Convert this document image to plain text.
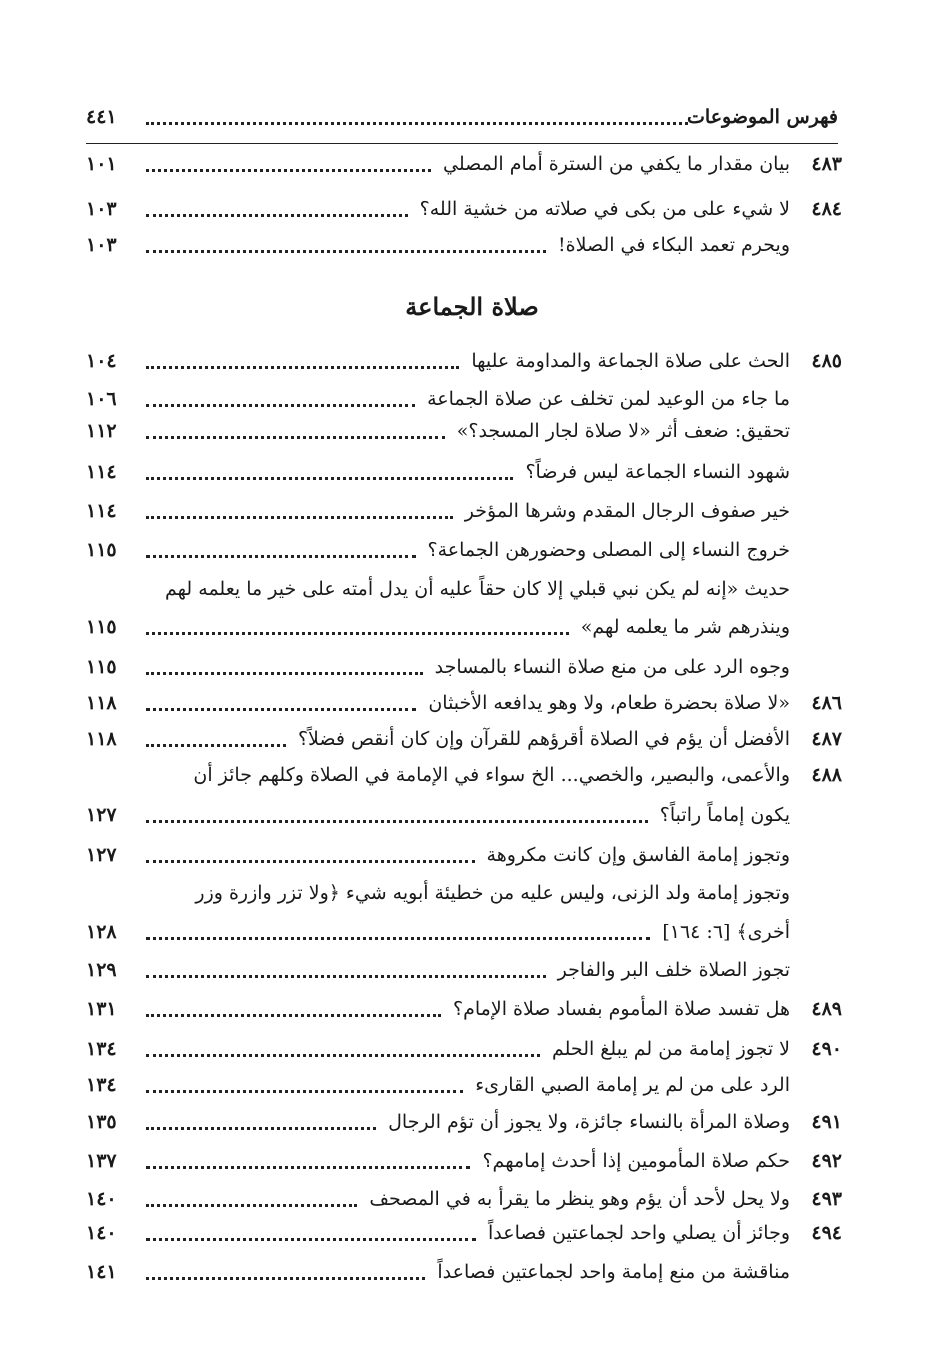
فهرس الموضوعات
٤٤١
صلاة الجماعة
٤٨٣
بيان مقدار ما يكفي من السترة أمام المصلي
١٠١
٤٨٤
لا شيء على من بكى في صلاته من خشية الله؟
١٠٣
ويحرم تعمد البكاء في الصلاة!
١٠٣
٤٨٥
الحث على صلاة الجماعة والمداومة عليها
١٠٤
ما جاء من الوعيد لمن تخلف عن صلاة الجماعة
١٠٦
تحقيق: ضعف أثر «لا صلاة لجار المسجد؟»
١١٢
شهود النساء الجماعة ليس فرضاً؟
١١٤
خير صفوف الرجال المقدم وشرها المؤخر
١١٤
خروج النساء إلى المصلى وحضورهن الجماعة؟
١١٥
حديث «إنه لم يكن نبي قبلي إلا كان حقاً عليه أن يدل أمته على خير ما يعلمه لهم
وينذرهم شر ما يعلمه لهم»
١١٥
وجوه الرد على من منع صلاة النساء بالمساجد
١١٥
٤٨٦
«لا صلاة بحضرة طعام، ولا وهو يدافعه الأخبثان
١١٨
٤٨٧
الأفضل أن يؤم في الصلاة أقرؤهم للقرآن وإن كان أنقص فضلاً؟
١١٨
٤٨٨
والأعمى، والبصير، والخصي... الخ سواء في الإمامة في الصلاة وكلهم جائز أن
يكون إماماً راتباً؟
١٢٧
وتجوز إمامة الفاسق وإن كانت مكروهة
١٢٧
وتجوز إمامة ولد الزنى، وليس عليه من خطيئة أبويه شيء ﴿ولا تزر وازرة وزر
أخرى﴾ [٦: ١٦٤]
١٢٨
تجوز الصلاة خلف البر والفاجر
١٢٩
٤٨٩
هل تفسد صلاة المأموم بفساد صلاة الإمام؟
١٣١
٤٩٠
لا تجوز إمامة من لم يبلغ الحلم
١٣٤
الرد على من لم ير إمامة الصبي القارىء
١٣٤
٤٩١
وصلاة المرأة بالنساء جائزة، ولا يجوز أن تؤم الرجال
١٣٥
٤٩٢
حكم صلاة المأمومين إذا أحدث إمامهم؟
١٣٧
٤٩٣
ولا يحل لأحد أن يؤم وهو ينظر ما يقرأ به في المصحف
١٤٠
٤٩٤
وجائز أن يصلي واحد لجماعتين فصاعداً
١٤٠
مناقشة من منع إمامة واحد لجماعتين فصاعداً
١٤١
